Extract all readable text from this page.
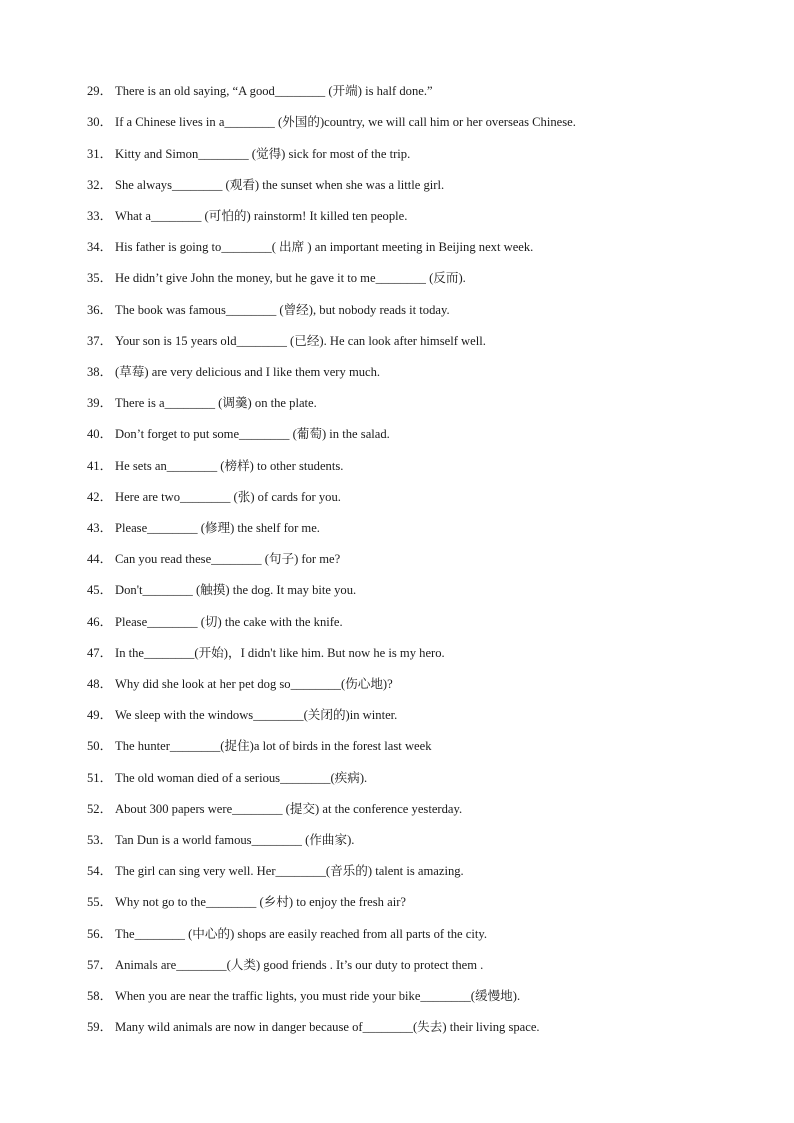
29． There is an old saying, “A good________ (开端) is half done.”
30． If a Chinese lives in a________ (外国的)country, we will call him or her overseas Chinese.
31． Kitty and Simon________ (觉得) sick for most of the trip.
32． She always________ (观看) the sunset when she was a little girl.
33． What a________ (可怕的) rainstorm! It killed ten people.
34． His father is going to________( 出席 ) an important meeting in Beijing next week.
35． He didn’t give John the money, but he gave it to me________ (反而).
36． The book was famous________ (曾经), but nobody reads it today.
37． Your son is 15 years old________ (已经). He can look after himself well.
38． (草莓) are very delicious and I like them very much.
39． There is a________ (调羹) on the plate.
40． Don’t forget to put some________ (葡萄) in the salad.
41． He sets an________ (榜样) to other students.
42． Here are two________ (张) of cards for you.
43． Please________ (修理) the shelf for me.
44． Can you read these________ (句子) for me?
45． Don't________ (触摸) the dog. It may bite you.
46． Please________ (切) the cake with the knife.
47． In the________(开始)，I didn't like him. But now he is my hero.
48． Why did she look at her pet dog so________(伤心地)?
49． We sleep with the windows________(关闭的)in winter.
50． The hunter________(捉住)a lot of birds in the forest last week
51． The old woman died of a serious________(疾病).
52． About 300 papers were________ (提交) at the conference yesterday.
53． Tan Dun is a world famous________ (作曲家).
54． The girl can sing very well. Her________(音乐的) talent is amazing.
55． Why not go to the________ (乡村) to enjoy the fresh air?
56． The________ (中心的) shops are easily reached from all parts of the city.
57． Animals are________(人类) good friends . It’s our duty to protect them .
58． When you are near the traffic lights, you must ride your bike________(缓慢地).
59． Many wild animals are now in danger because of________(失去) their living space.
